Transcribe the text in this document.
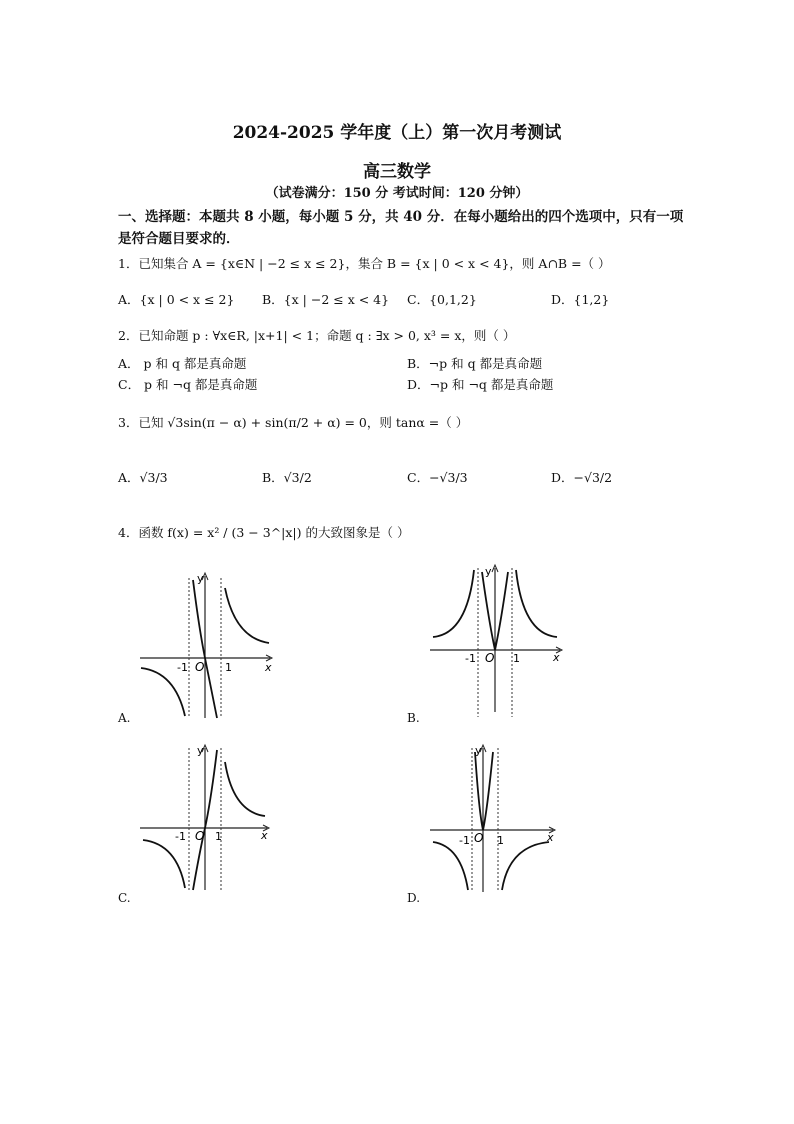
2024-2025 学年度（上）第一次月考测试
高三数学
（试卷满分：150 分 考试时间：120 分钟）
一、选择题：本题共 8 小题，每小题 5 分，共 40 分．在每小题给出的四个选项中，只有一项
是符合题目要求的．
1．已知集合 A = {x∈N | −2 ≤ x ≤ 2}，集合 B = {x | 0 < x < 4}，则 A∩B =（ ）
A．{x | 0 < x ≤ 2} B．{x | −2 ≤ x < 4} C．{0,1,2}	D．{1,2}
2．已知命题 p : ∀x∈R, |x+1| < 1；命题 q : ∃x > 0, x³ = x，则（ ）
A． p 和 q 都是真命题	B．¬p 和 q 都是真命题
C． p 和 ¬q 都是真命题	D．¬p 和 ¬q 都是真命题
3．已知 √3sin(π − α) + sin(π/2 + α) = 0，则 tanα =（ ）
A．√3/3	B．√3/2	C．−√3/3	D．−√3/2
4．函数 f(x) = x² / (3 − 3^|x|) 的大致图象是（ ）
y
x
O
-1	1
A.
y
x
O
-1	1
B.
y
x
O
-1	1
C.
y
x
O
-1 1
D.
